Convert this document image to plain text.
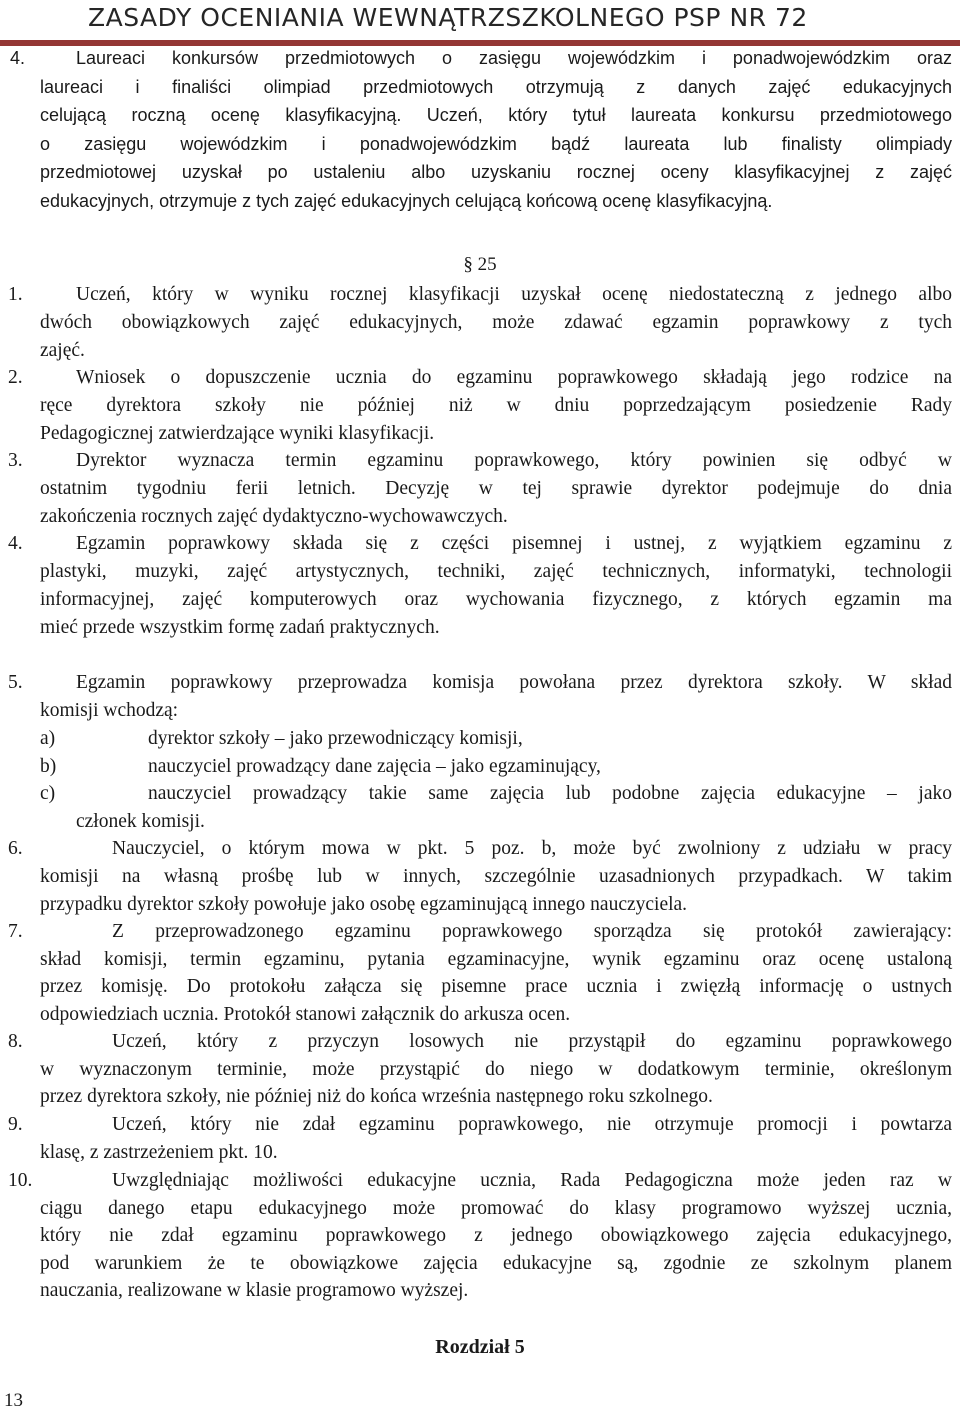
ZASADY OCENIANIA WEWNĄTRZSZKOLNEGO PSP NR 72
4.	Laureaci konkursów przedmiotowych o zasięgu wojewódzkim i ponadwojewódzkim oraz
laureaci i finaliści olimpiad przedmiotowych otrzymują z danych zajęć edukacyjnych
celującą roczną ocenę klasyfikacyjną. Uczeń, który tytuł laureata konkursu przedmiotowego
o zasięgu wojewódzkim i ponadwojewódzkim bądź laureata lub finalisty olimpiady
przedmiotowej uzyskał po ustaleniu albo uzyskaniu rocznej oceny klasyfikacyjnej z zajęć
edukacyjnych, otrzymuje z tych zajęć edukacyjnych celującą końcową ocenę klasyfikacyjną.
1.	Uczeń, który w wyniku rocznej klasyfikacji uzyskał ocenę niedostateczną z jednego albo
dwóch obowiązkowych zajęć edukacyjnych, może zdawać egzamin poprawkowy z tych
zajęć.
2.	Wniosek o dopuszczenie ucznia do egzaminu poprawkowego składają jego rodzice na
ręce dyrektora szkoły nie później niż w dniu poprzedzającym posiedzenie Rady
Pedagogicznej zatwierdzające wyniki klasyfikacji.
3.	Dyrektor wyznacza termin egzaminu poprawkowego, który powinien się odbyć w
ostatnim tygodniu ferii letnich. Decyzję w tej sprawie dyrektor podejmuje do dnia
zakończenia rocznych zajęć dydaktyczno-wychowawczych.
4.	Egzamin poprawkowy składa się z części pisemnej i ustnej, z wyjątkiem egzaminu z
plastyki, muzyki, zajęć artystycznych, techniki, zajęć technicznych, informatyki, technologii
informacyjnej, zajęć komputerowych oraz wychowania fizycznego, z których egzamin ma
mieć przede wszystkim formę zadań praktycznych.
5.	Egzamin poprawkowy przeprowadza komisja powołana przez dyrektora szkoły. W skład
komisji wchodzą:
a)	dyrektor szkoły – jako przewodniczący komisji,
b)	nauczyciel prowadzący dane zajęcia – jako egzaminujący,
c)	nauczyciel prowadzący takie same zajęcia lub podobne zajęcia edukacyjne – jako
członek komisji.
6.	Nauczyciel, o którym mowa w pkt. 5 poz. b, może być zwolniony z udziału w pracy
komisji na własną prośbę lub w innych, szczególnie uzasadnionych przypadkach. W takim
przypadku dyrektor szkoły powołuje jako osobę egzaminującą innego nauczyciela.
7.	Z przeprowadzonego egzaminu poprawkowego sporządza się protokół zawierający:
skład komisji, termin egzaminu, pytania egzaminacyjne, wynik egzaminu oraz ocenę ustaloną
przez komisję. Do protokołu załącza się pisemne prace ucznia i zwięzłą informację o ustnych
odpowiedziach ucznia. Protokół stanowi załącznik do arkusza ocen.
8.	Uczeń, który z przyczyn losowych nie przystąpił do egzaminu poprawkowego
w wyznaczonym terminie, może przystąpić do niego w dodatkowym terminie, określonym
przez dyrektora szkoły, nie później niż do końca września następnego roku szkolnego.
9.	Uczeń, który nie zdał egzaminu poprawkowego, nie otrzymuje promocji i powtarza
klasę, z zastrzeżeniem pkt. 10.
10.	Uwzględniając możliwości edukacyjne ucznia, Rada Pedagogiczna może jeden raz w
ciągu danego etapu edukacyjnego może promować do klasy programowo wyższej ucznia,
który nie zdał egzaminu poprawkowego z jednego obowiązkowego zajęcia edukacyjnego,
pod warunkiem że te obowiązkowe zajęcia edukacyjne są, zgodnie ze szkolnym planem
nauczania, realizowane w klasie programowo wyższej.
§ 25
Rozdział 5
13
